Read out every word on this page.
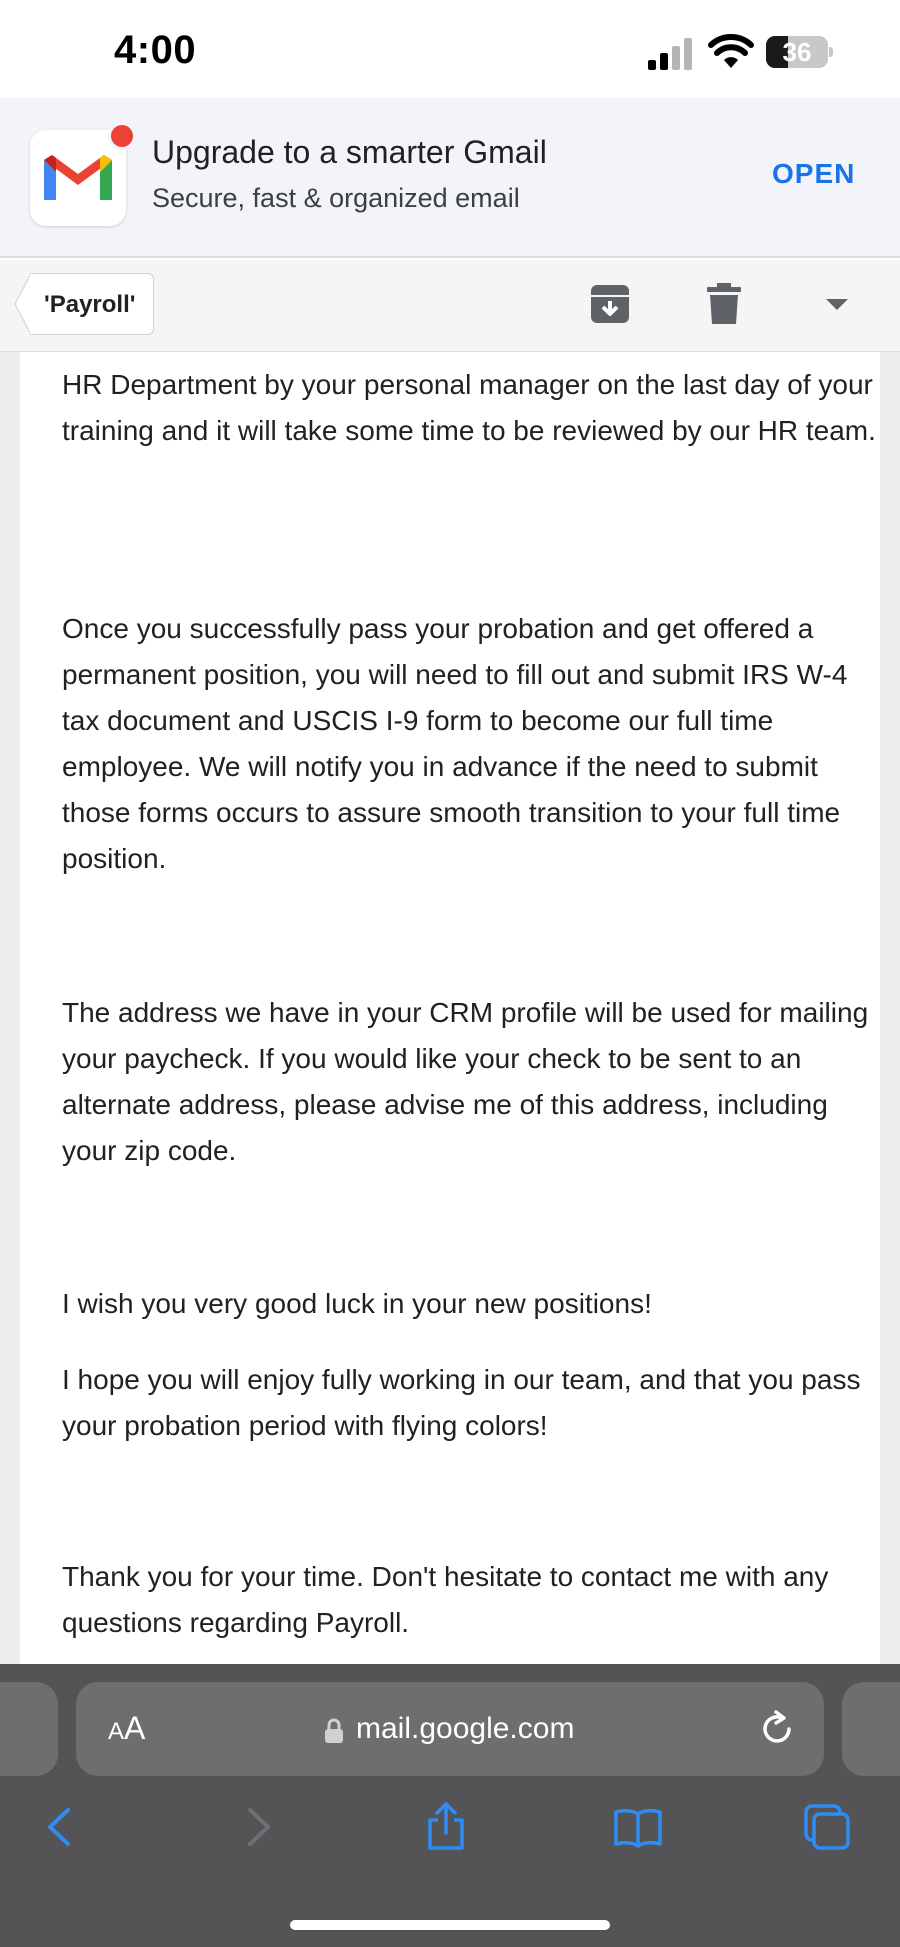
4:00	36
Upgrade to a smarter Gmail
Secure, fast & organized email
OPEN
'Payroll'

HR Department by your personal manager on the last day of your training and it will take some time to be reviewed by our HR team.

Once you successfully pass your probation and get offered a permanent position, you will need to fill out and submit IRS W-4 tax document and USCIS I-9 form to become our full time employee. We will notify you in advance if the need to submit those forms occurs to assure smooth transition to your full time position.

The address we have in your CRM profile will be used for mailing your paycheck. If you would like your check to be sent to an alternate address, please advise me of this address, including your zip code.

I wish you very good luck in your new positions!

I hope you will enjoy fully working in our team, and that you pass your probation period with flying colors!

Thank you for your time. Don't hesitate to contact me with any questions regarding Payroll.

AA	mail.google.com
